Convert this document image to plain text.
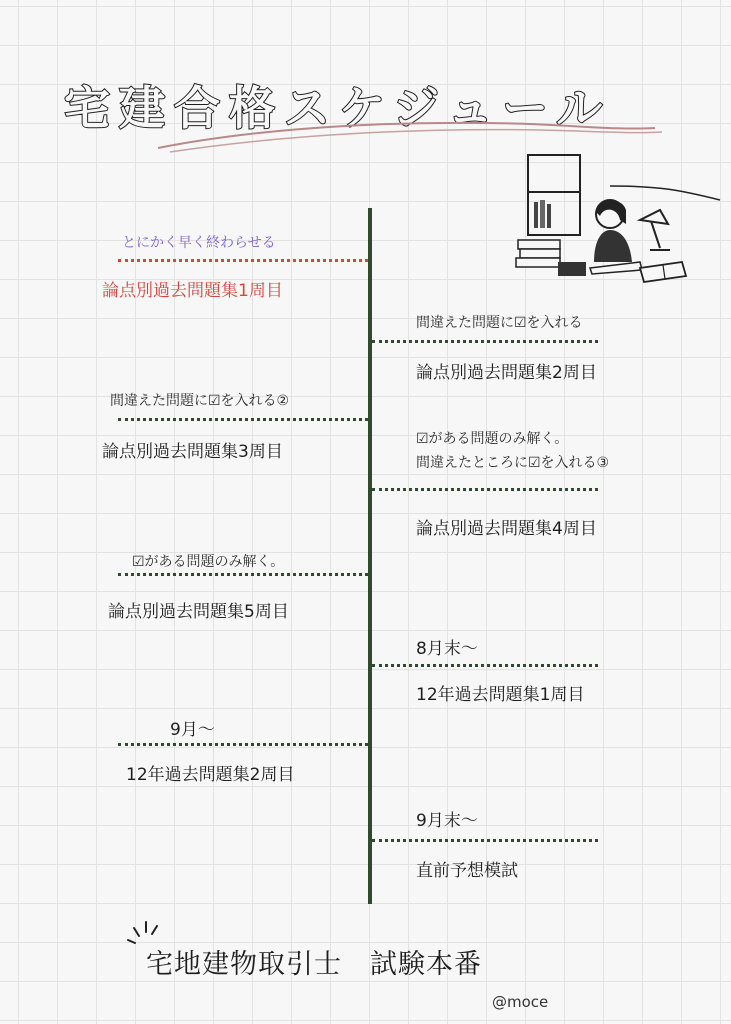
宅建合格スケジュール
とにかく早く終わらせる
論点別過去問題集1周目
間違えた問題に☑を入れる
論点別過去問題集2周目
間違えた問題に☑を入れる②
論点別過去問題集3周目
☑がある問題のみ解く。
間違えたところに☑を入れる③
論点別過去問題集4周目
☑がある問題のみ解く。
論点別過去問題集5周目
8月末〜
12年過去問題集1周目
9月〜
12年過去問題集2周目
9月末〜
直前予想模試
宅地建物取引士　試験本番
@moce
